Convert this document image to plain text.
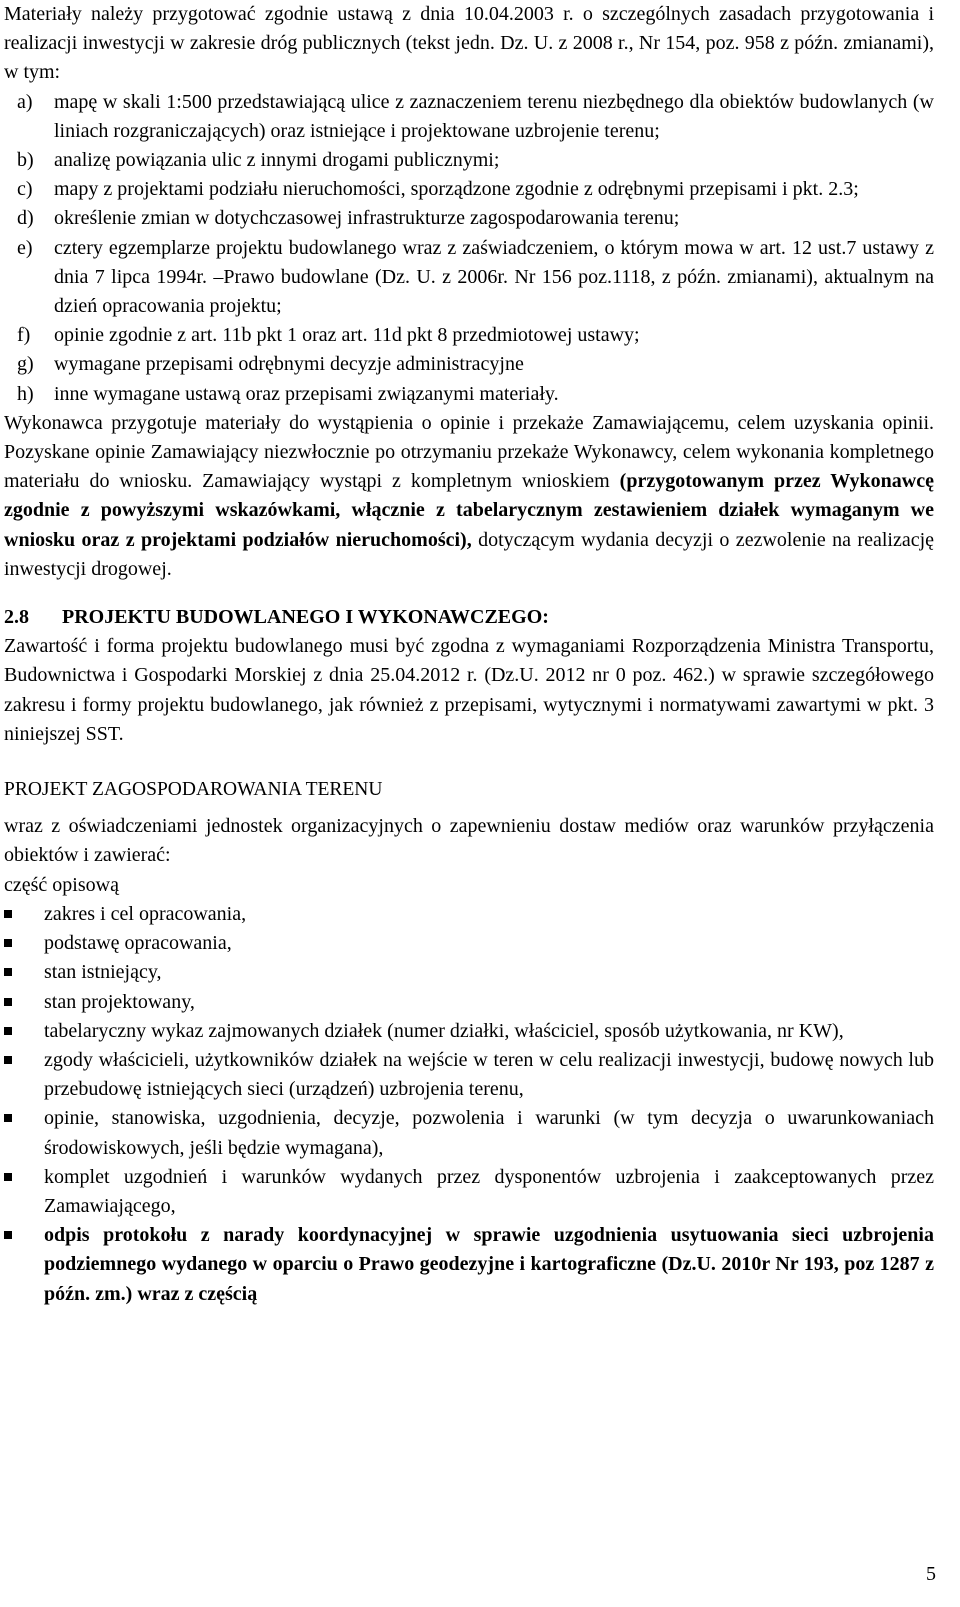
Materiały należy przygotować zgodnie ustawą z dnia 10.04.2003 r. o szczególnych zasadach przygotowania i realizacji inwestycji w zakresie dróg publicznych (tekst jedn. Dz. U. z 2008 r., Nr 154, poz. 958 z późn. zmianami), w tym:

a) mapę w skali 1:500 przedstawiającą ulice z zaznaczeniem terenu niezbędnego dla obiektów budowlanych (w liniach rozgraniczających) oraz istniejące i projektowane uzbrojenie terenu;
b) analizę powiązania ulic z innymi drogami publicznymi;
c) mapy z projektami podziału nieruchomości, sporządzone zgodnie z odrębnymi przepisami i pkt. 2.3;
d) określenie zmian w dotychczasowej infrastrukturze zagospodarowania terenu;
e) cztery egzemplarze projektu budowlanego wraz z zaświadczeniem, o którym mowa w art. 12 ust.7 ustawy z dnia 7 lipca 1994r. –Prawo budowlane (Dz. U. z 2006r. Nr 156 poz.1118, z późn. zmianami), aktualnym na dzień opracowania projektu;
f) opinie zgodnie z art. 11b pkt 1 oraz art. 11d pkt 8 przedmiotowej ustawy;
g) wymagane przepisami odrębnymi decyzje administracyjne
h) inne wymagane ustawą oraz przepisami związanymi materiały.

Wykonawca przygotuje materiały do wystąpienia o opinie i przekaże Zamawiającemu, celem uzyskania opinii. Pozyskane opinie Zamawiający niezwłocznie po otrzymaniu przekaże Wykonawcy, celem wykonania kompletnego materiału do wniosku. Zamawiający wystąpi z kompletnym wnioskiem (przygotowanym przez Wykonawcę zgodnie z powyższymi wskazówkami, włącznie z tabelarycznym zestawieniem działek wymaganym we wniosku oraz z projektami podziałów nieruchomości), dotyczącym wydania decyzji o zezwolenie na realizację inwestycji drogowej.

2.8 PROJEKTU BUDOWLANEGO I WYKONAWCZEGO:

Zawartość i forma projektu budowlanego musi być zgodna z wymaganiami Rozporządzenia Ministra Transportu, Budownictwa i Gospodarki Morskiej z dnia 25.04.2012 r. (Dz.U. 2012 nr 0 poz. 462.) w sprawie szczegółowego zakresu i formy projektu budowlanego, jak również z przepisami, wytycznymi i normatywami zawartymi w pkt. 3 niniejszej SST.

PROJEKT ZAGOSPODAROWANIA TERENU

wraz z oświadczeniami jednostek organizacyjnych o zapewnieniu dostaw mediów oraz warunków przyłączenia obiektów i zawierać:

część opisową

zakres i cel opracowania,
podstawę opracowania,
stan istniejący,
stan projektowany,
tabelaryczny wykaz zajmowanych działek (numer działki, właściciel, sposób użytkowania, nr KW),
zgody właścicieli, użytkowników działek na wejście w teren w celu realizacji inwestycji, budowę nowych lub przebudowę istniejących sieci (urządzeń) uzbrojenia terenu,
opinie, stanowiska, uzgodnienia, decyzje, pozwolenia i warunki (w tym decyzja o uwarunkowaniach środowiskowych, jeśli będzie wymagana),
komplet uzgodnień i warunków wydanych przez dysponentów uzbrojenia i zaakceptowanych przez Zamawiającego,
odpis protokołu z narady koordynacyjnej w sprawie uzgodnienia usytuowania sieci uzbrojenia podziemnego wydanego w oparciu o Prawo geodezyjne i kartograficzne (Dz.U. 2010r Nr 193, poz 1287 z późn. zm.) wraz z częścią
5
